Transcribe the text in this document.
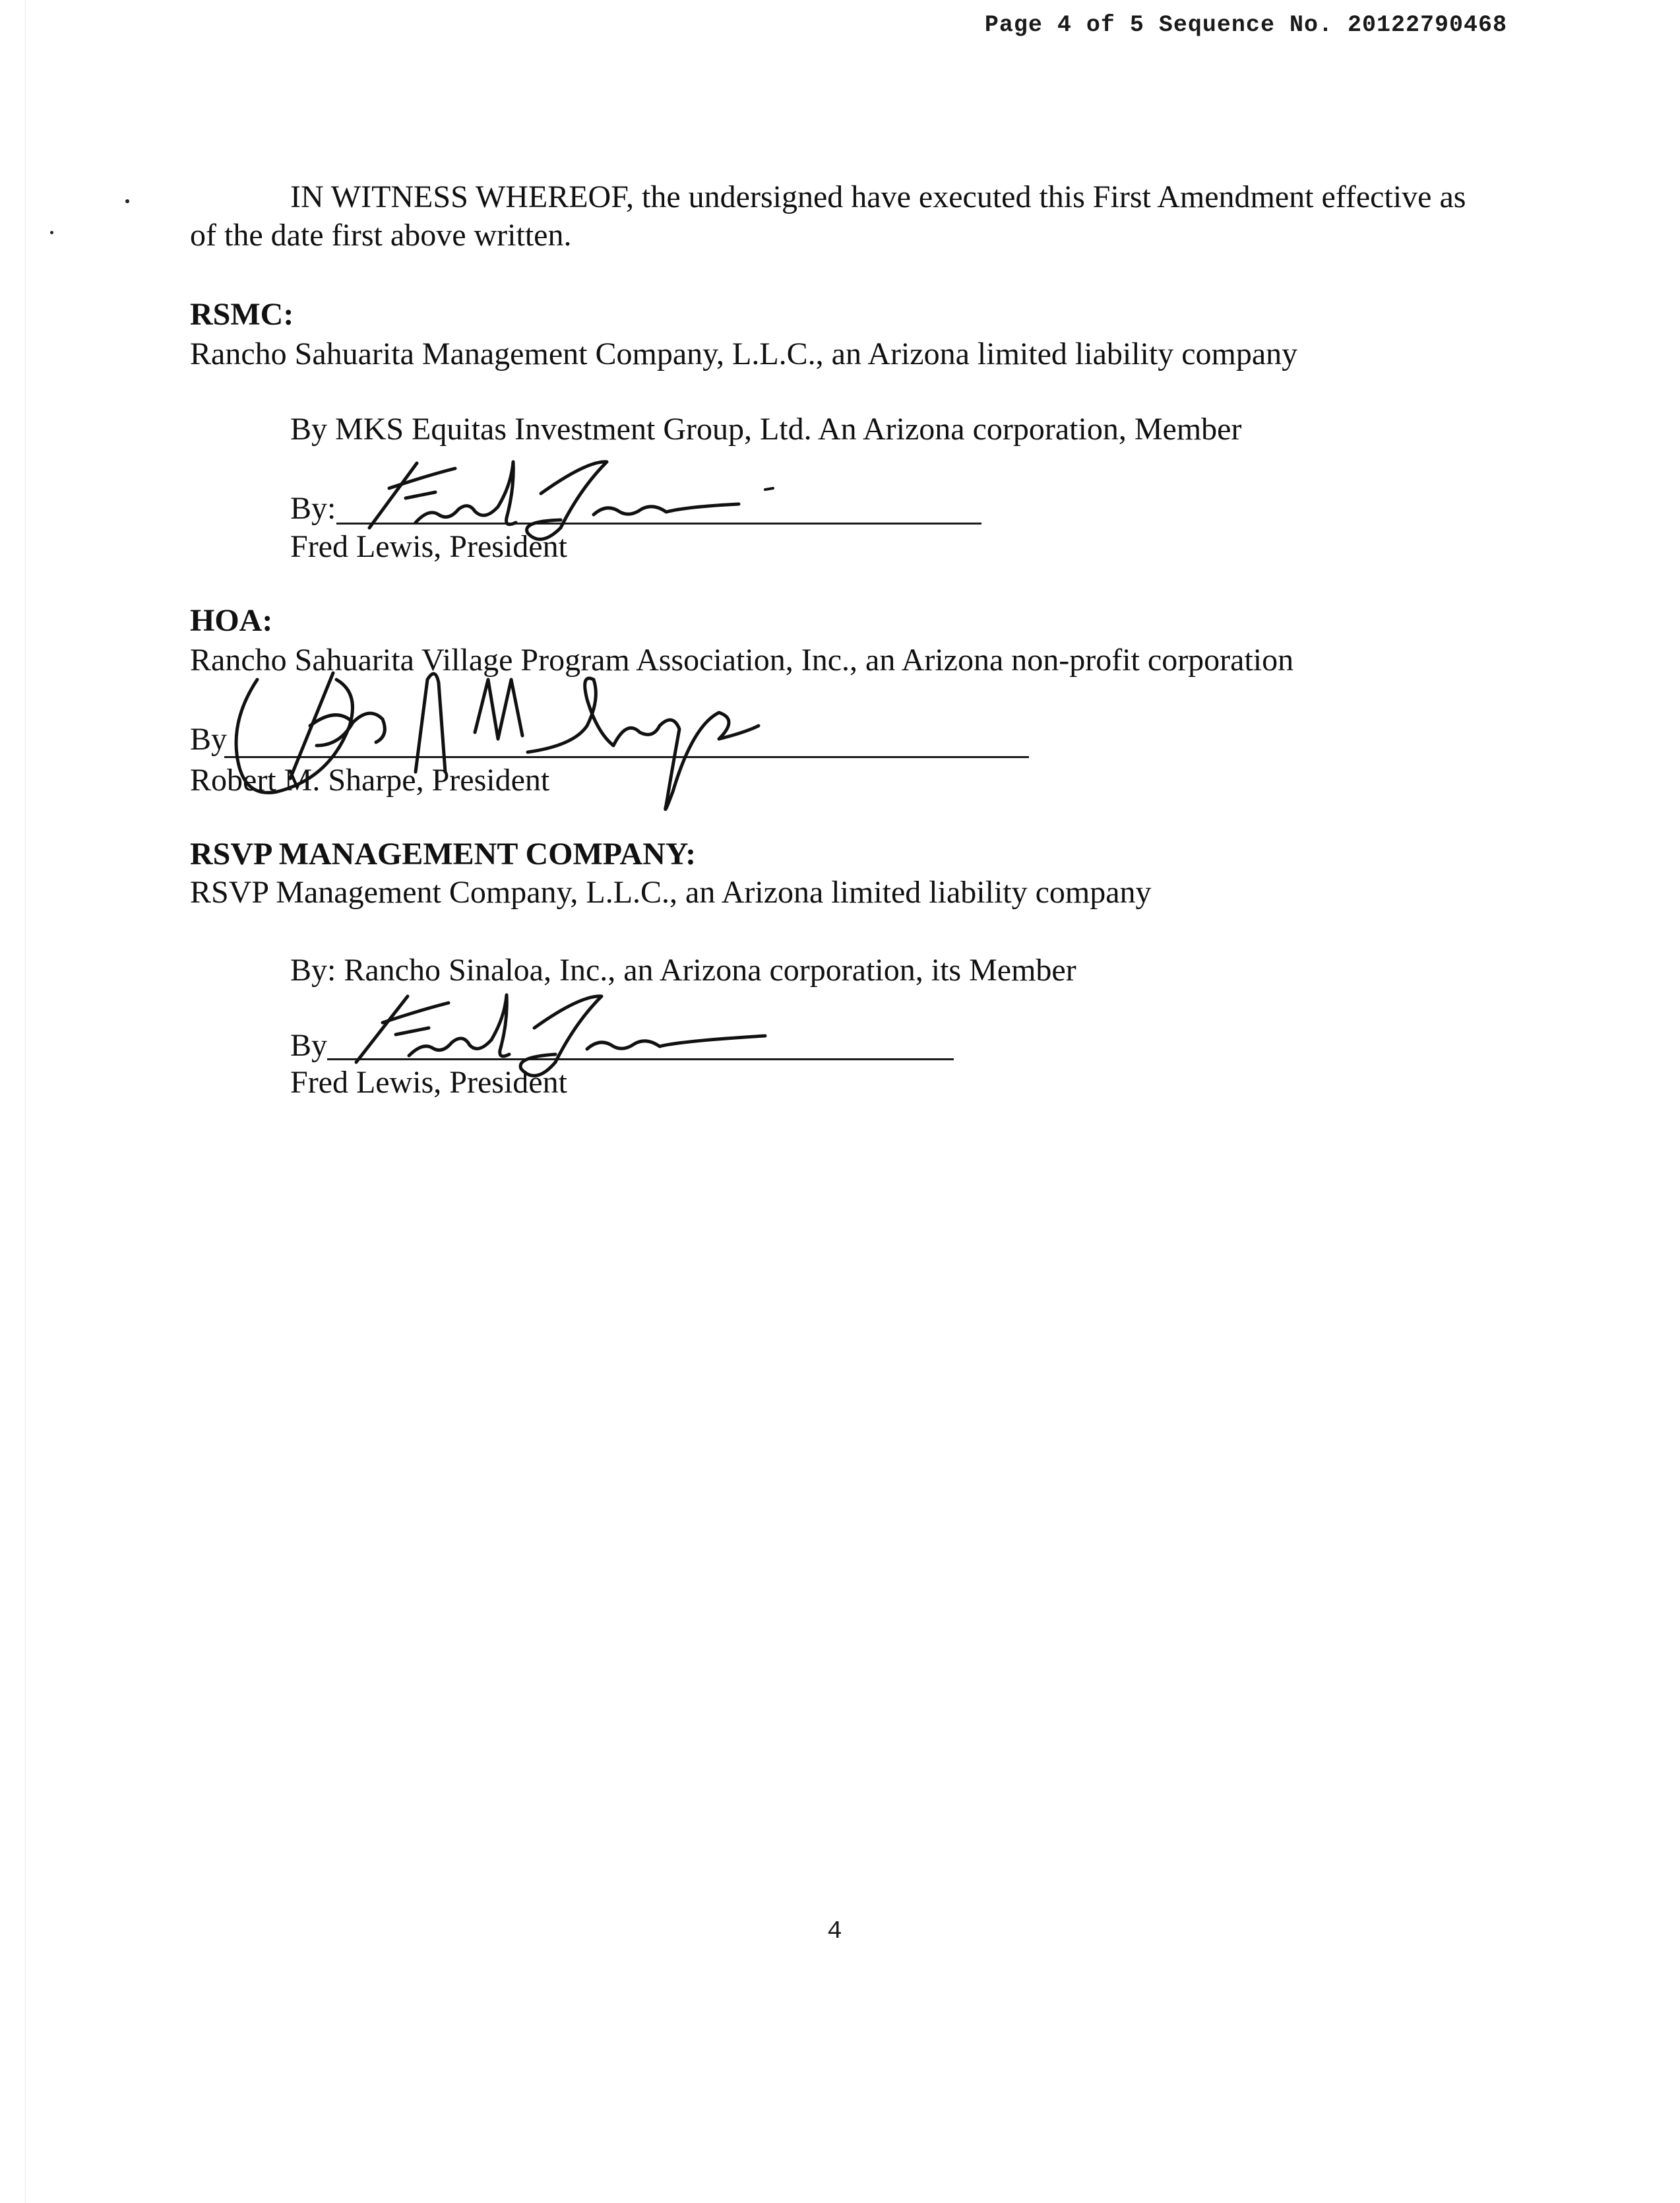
Page 4 of 5 Sequence No. 20122790468
IN WITNESS WHEREOF, the undersigned have executed this First Amendment effective as
of the date first above written.
RSMC:
Rancho Sahuarita Management Company, L.L.C., an Arizona limited liability company
By MKS Equitas Investment Group, Ltd. An Arizona corporation, Member
By:
Fred Lewis, President
HOA:
Rancho Sahuarita Village Program Association, Inc., an Arizona non-profit corporation
By
Robert M. Sharpe, President
RSVP MANAGEMENT COMPANY:
RSVP Management Company, L.L.C., an Arizona limited liability company
By: Rancho Sinaloa, Inc., an Arizona corporation, its Member
By
Fred Lewis, President
4
